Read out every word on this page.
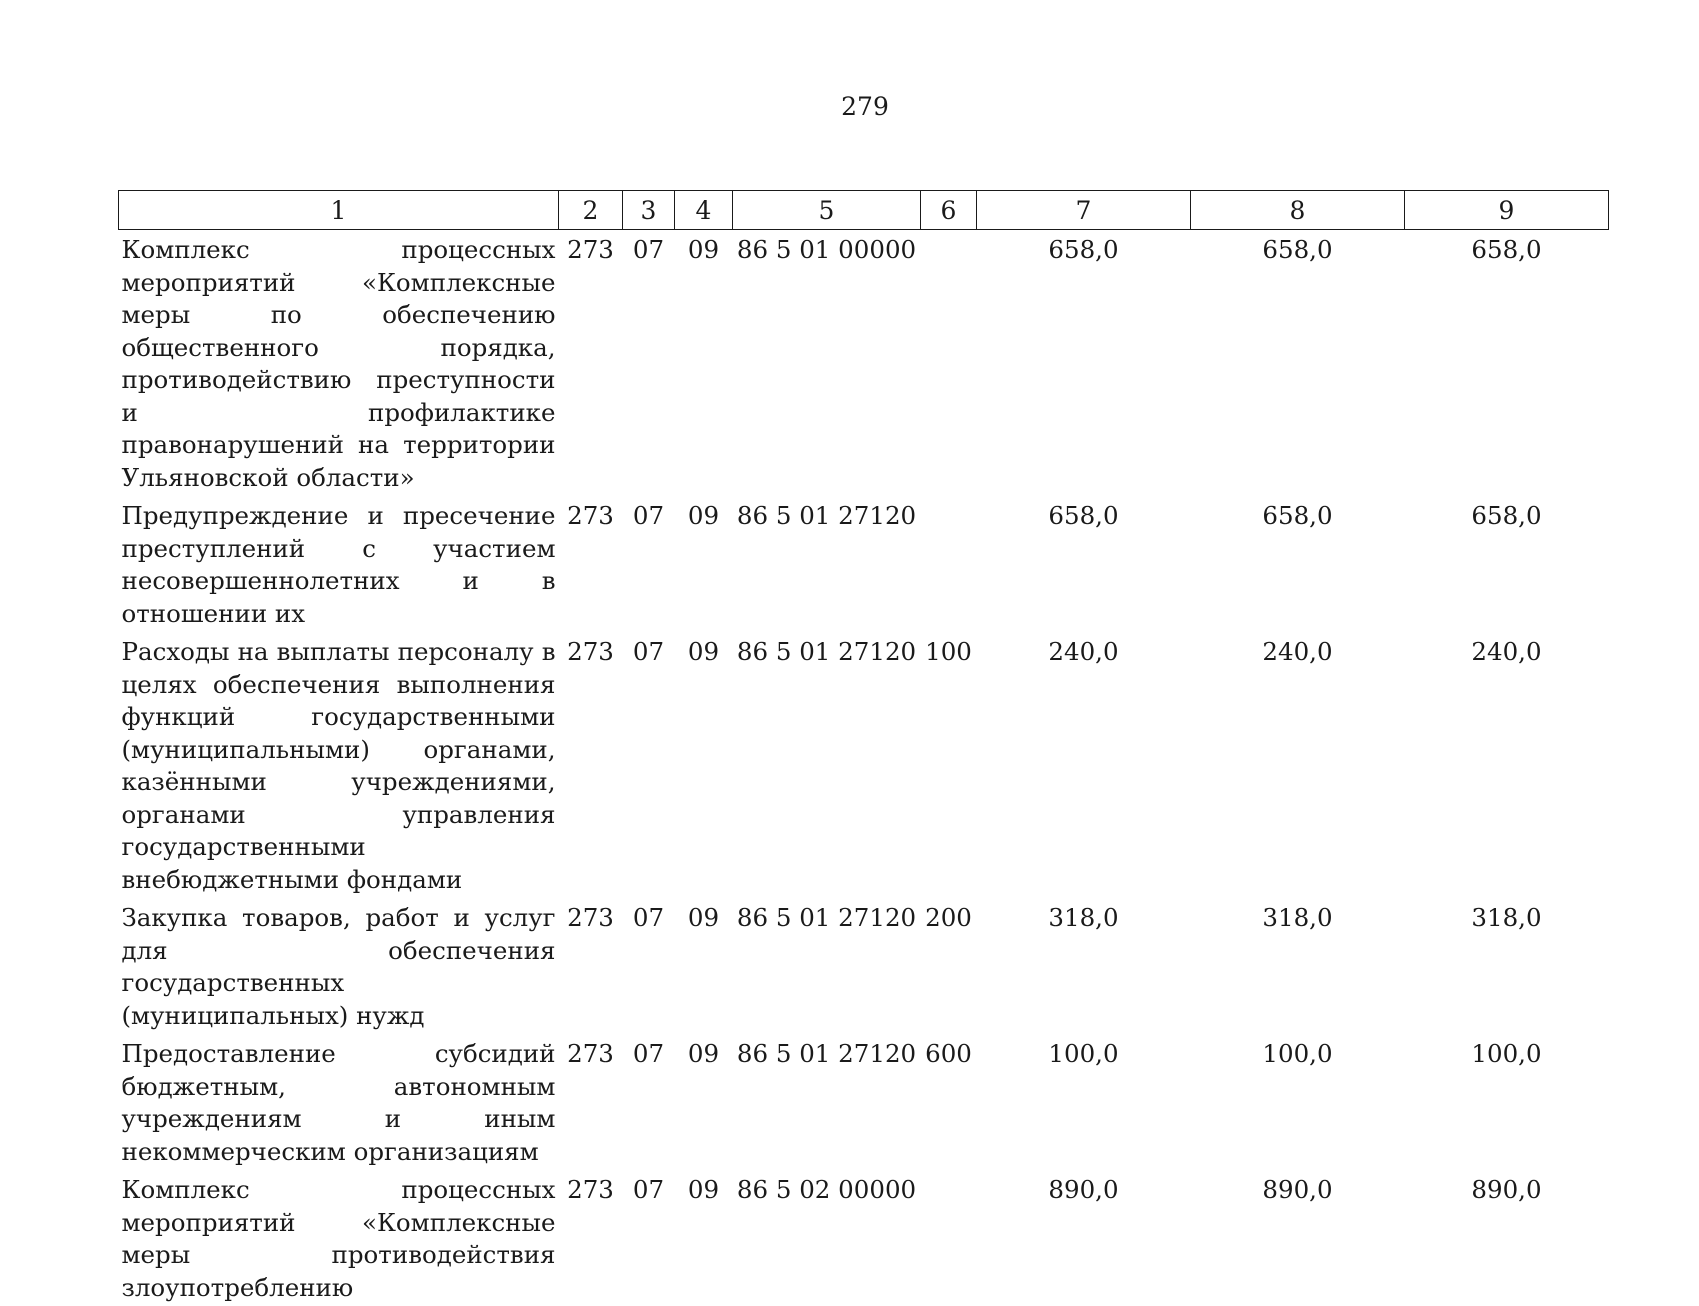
279
1	2	3	4	5	6	7	8	9
Комплекс процессных мероприятий «Комплексные меры по обеспечению общественного порядка, противодействию преступности и профилактике правонарушений на территории Ульяновской области»	273	07	09	86 5 01 00000		658,0	658,0	658,0
Предупреждение и пресечение преступлений с участием несовершеннолетних и в отношении их	273	07	09	86 5 01 27120		658,0	658,0	658,0
Расходы на выплаты персоналу в целях обеспечения выполнения функций государственными (муниципальными) органами, казёнными учреждениями, органами управления государственными внебюджетными фондами	273	07	09	86 5 01 27120	100	240,0	240,0	240,0
Закупка товаров, работ и услуг для обеспечения государственных (муниципальных) нужд	273	07	09	86 5 01 27120	200	318,0	318,0	318,0
Предоставление субсидий бюджетным, автономным учреждениям и иным некоммерческим организациям	273	07	09	86 5 01 27120	600	100,0	100,0	100,0
Комплекс процессных мероприятий «Комплексные меры противодействия злоупотреблению	273	07	09	86 5 02 00000		890,0	890,0	890,0
